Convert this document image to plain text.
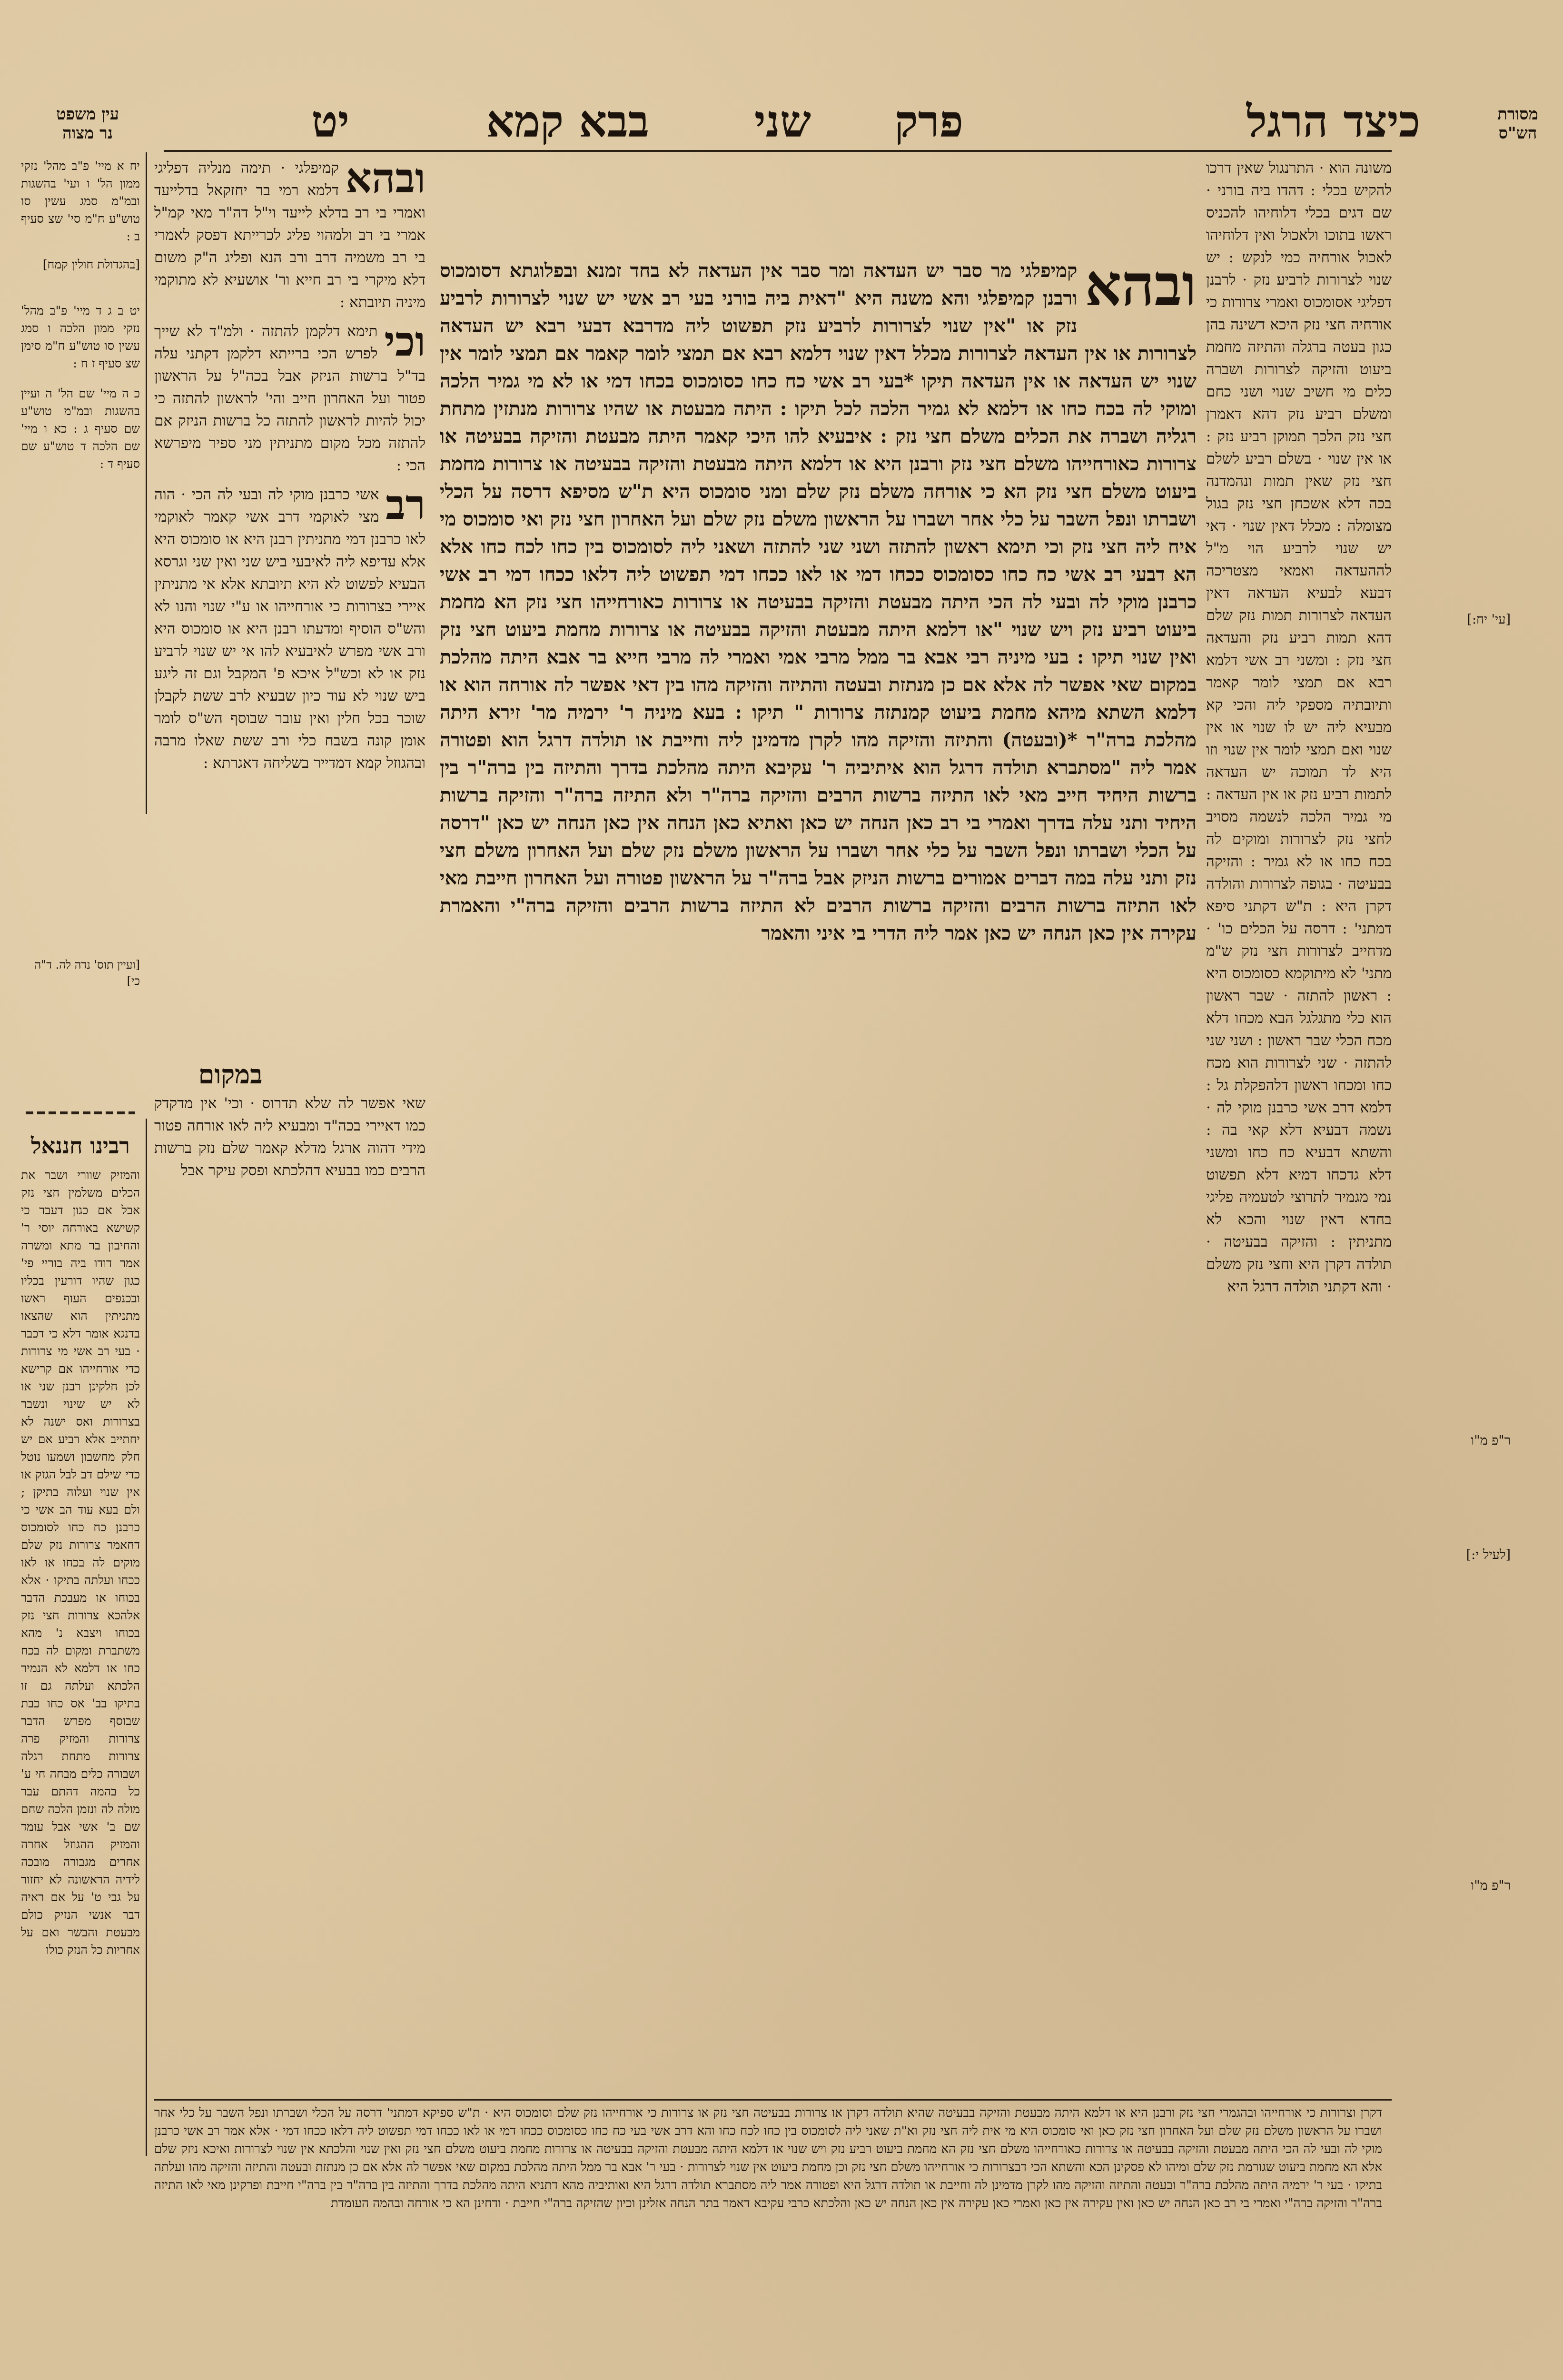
מסורת
הש"ס
כיצד הרגל
פרק
שני
בבא קמא
יט
עין משפט
נר מצוה
יח א מיי' פ"ב מהל' נזקי ממון הל' ו ועי' בהשגות ובמ"מ סמג עשין סו טוש"ע ח"מ סי' שצ סעיף ב :
[בהגדולת חולין קמח]
יט ב ג ד מיי' פ"ב מהל' נזקי ממון הלכה ו סמג עשין סו טוש"ע ח"מ סימן שצ סעיף ז ח :
כ ה מיי' שם הל' ה ועיין בהשגות ובמ"מ טוש"ע שם סעיף ג : כא ו מיי' שם הלכה ד טוש"ע שם סעיף ד :
ובהא
קמיפלגי · תימה מנליה דפליגי דלמא רמי בר יחזקאל בדלייעד ואמרי בי רב בדלא לייעד וי"ל דה"ר מאי קמ"ל אמרי בי רב ולמהוי פליג לכרייתא דפסק לאמרי בי רב משמיה דרב ורב הנא ופליג ה"ק משום דלא מיקרי בי רב חייא ור' אושעיא לא מתוקמי מיניה תיובתא :
וכי
תימא דלקמן להתזה · ולמ"ד לא שייך לפרש הכי ברייתא דלקמן דקתני עלה בד"ל ברשות הניזק אבל בכה"ל על הראשון פטור ועל האחרון חייב והי' לראשון להתזה כי יכול להיות לראשון להתזה כל ברשות הניזק אם להתזה מכל מקום מתניתין מני ספיר מיפרשא הכי :
רב
אשי כרבנן מוקי לה ובעי לה הכי · הוה מצי לאוקמי דרב אשי קאמר לאוקמי לאו כרבנן דמי מתניתין רבנן היא או סומכוס היא אלא עדיפא ליה לאיבעי ביש שני ואין שני וגרסא הבעיא לפשוט לא היא תיובתא אלא אי מתניתין איירי בצרורות כי אורחייהו או ע"י שנוי והנו לא והש"ס הוסיף ומדעתו רבנן היא או סומכוס היא ורב אשי מפרש לאיבעיא להו אי יש שנוי לרביע נזק או לא וכש"ל איכא פ' המקבל וגם זה ליגע ביש שנוי לא עוד כיון שבעיא לרב ששת לקבלן שוכר בכל חלין ואין עובר שבוסף הש"ס לומר אומן קונה בשבח כלי ורב ששת שאלו מרבה ובהגוזל קמא דמדייר בשליחה דאגרתא :
[ועיין תוס' נדה לה. ד"ה כי]
במקום
שאי אפשר לה שלא תדרוס · וכי' אין מדקדק כמו דאיירי בכה"ד ומבעיא ליה לאו אורחה פטור מידי דהוה ארגל מדלא קאמר שלם נזק ברשות הרבים כמו בבעיא דהלכתא ופסק עיקר אבל
רבינו חננאל
והמזיק שוורי ושבר את הכלים משלמין חצי נזק אבל אם כגון דעבד כי קשישא באורחה יוסי ר' והחיבון בר מתא ומשרה אמר דודו ביה בוריי פי' כגון שהיו דורעין בכליו ובכנפים העוף ראשו מתניתין הוא שהצאו בדנגא אומר דלא כי דכבר · בעי רב אשי מי צרורות כדי אורחייהו אם קרישא לכן חלקינן רבנן שני או לא יש שינוי ונשבר בצרורות ואס ישנה לא יחתייב אלא רביע אם יש חלק מחשבון ושמעו נוטל כדי שילם דב לבל הגזק או אין שנוי ועלוה בתיקן ; ולם בעא עוד הב אשי כי כרבנן כח כחו לסומכוס דחאמר צרורות נזק שלם מוקים לה בכחו או לאו ככחו ועלתה בתיקו · אלא בכוחו או מעבכת הדבר אלהכא צרורות חצי נזק בכוחו ויצבא נ' מהא משתברת ומקום לה בכח כחו או דלמא לא הנמיר הלכתא ועלתה גם זו בתיקו בב' אס כחו כבת שבוסף מפרש הדבר צרורות והמזיק פרה צרורות מתחת רגלה ושבורה כלים מבחה חי ע' כל בהמה דהתם עבר מולה לה ונזמן הלכה שחם שם ב' אשי אבל עומד והמזיק ההגוזל אחרה אחרים מגבורה מובכה לידיה הראשונה לא יחזור על גבי ט' על אם ראיה דבר אנשי הנזיק כולם מבעטת והבשר ואם על אחריות כל הנזק כולו
ובהא
קמיפלגי מר סבר יש העדאה ומר סבר אין העדאה לא בחד זמנא ובפלוגתא דסומכוס ורבנן קמיפלגי והא משנה היא "דאית ביה בורני בעי רב אשי יש שנוי לצרורות לרביע נזק או "אין שנוי לצרורות לרביע נזק תפשוט ליה מדרבא דבעי רבא יש העדאה לצרורות או אין העדאה לצרורות מכלל דאין שנוי דלמא רבא אם תמצי לומר קאמר אם תמצי לומר אין שנוי יש העדאה או אין העדאה תיקו *בעי רב אשי כח כחו כסומכוס בכחו דמי או לא מי גמיר הלכה ומוקי לה בכח כחו או דלמא לא גמיר הלכה לכל תיקו : היתה מבעטת או שהיו צרורות מנתזין מתחת רגליה ושברה את הכלים משלם חצי נזק : איבעיא להו היכי קאמר היתה מבעטת והזיקה בבעיטה או צרורות כאורחייהו משלם חצי נזק ורבנן היא או דלמא היתה מבעטת והזיקה בבעיטה או צרורות מחמת ביעוט משלם חצי נזק הא כי אורחה משלם נזק שלם ומני סומכוס היא ת"ש מסיפא דרסה על הכלי ושברתו ונפל השבר על כלי אחר ושברו על הראשון משלם נזק שלם ועל האחרון חצי נזק ואי סומכוס מי איח ליה חצי נזק וכי תימא ראשון להתזה ושני שני להתזה ושאני ליה לסומכוס בין כחו לכח כחו אלא הא דבעי רב אשי כח כחו כסומכוס ככחו דמי או לאו ככחו דמי תפשוט ליה דלאו ככחו דמי רב אשי כרבנן מוקי לה ובעי לה הכי היתה מבעטת והזיקה בבעיטה או צרורות כאורחייהו חצי נזק הא מחמת ביעוט רביע נזק ויש שנוי "או דלמא היתה מבעטת והזיקה בבעיטה או צרורות מחמת ביעוט חצי נזק ואין שנוי תיקו : בעי מיניה רבי אבא בר ממל מרבי אמי ואמרי לה מרבי חייא בר אבא היתה מהלכת במקום שאי אפשר לה אלא אם כן מנתזת ובעטה והתיזה והזיקה מהו בין דאי אפשר לה אורחה הוא או דלמא השתא מיהא מחמת ביעוט קמנתזה צרורות " תיקו : בעא מיניה ר' ירמיה מר' זירא היתה מהלכת ברה"ר *(ובעטה) והתיזה והזיקה מהו לקרן מדמינן ליה וחייבת או תולדה דרגל הוא ופטורה אמר ליה "מסתברא תולדה דרגל הוא איתיביה ר' עקיבא היתה מהלכת בדרך והתיזה בין ברה"ר בין ברשות היחיד חייב מאי לאו התיזה ברשות הרבים והזיקה ברה"ר ולא התיזה ברה"ר והזיקה ברשות היחיד ותני עלה בדרך ואמרי בי רב כאן הנחה יש כאן ואתיא כאן הנחה אין כאן הנחה יש כאן "דרסה על הכלי ושברתו ונפל השבר על כלי אחר ושברו על הראשון משלם נזק שלם ועל האחרון משלם חצי נזק ותני עלה במה דברים אמורים ברשות הניזק אבל ברה"ר על הראשון פטורה ועל האחרון חייבת מאי לאו התיזה ברשות הרבים והזיקה ברשות הרבים לא התיזה ברשות הרבים והזיקה ברה"י והאמרת עקירה אין כאן הנחה יש כאן אמר ליה הדרי בי איני והאמר
משונה הוא · התרנגול שאין דרכו להקיש בכלי : דהדו ביה בורני · שם דגים בכלי דלוחיהו להכניס ראשו בתוכו ולאכול ואין דלוחיהו לאכול אורחיה כמי לנקש : יש שנוי לצרורות לרביע נזק · לרבנן דפליגי אסומכוס ואמרי צרורות כי אורחיה חצי נזק היכא דשינה בהן כגון בעטה ברגלה והתיזה מחמת ביעוט והזיקה לצרורות ושברה כלים מי חשיב שנוי ושני כחם ומשלם רביע נזק דהא דאמרן חצי נזק הלכך תמוקן רביע נזק : או אין שנוי · בשלם רביע לשלם חצי נזק שאין תמות ונהמדנה בכה דלא אשכחן חצי נזק בגול מצומלה : מכלל דאין שנוי · דאי יש שנוי לרביע הוי מ"ל לההעדאה ואמאי מצטריכה דבעא לבעיא העדאה דאין העדאה לצרורות תמות נזק שלם דהא תמות רביע נזק והעדאה חצי נזק : ומשני רב אשי דלמא רבא אם תמצי לומר קאמר ותיובתיה מספקי ליה והכי קא מבעיא ליה יש לו שנוי או אין שנוי ואם תמצי לומר אין שנוי וזו היא לד תמוכה יש העדאה לתמות רביע נזק או אין העדאה : מי גמיר הלכה לנשמה מסויב לחצי נזק לצרורות ומוקים לה בכח כחו או לא גמיר : והזיקה בבעיטה · בגופה לצרורות והולדה דקרן היא : ת"ש דקתני סיפא דמתני' : דרסה על הכלים כו' · מדחייב לצרורות חצי נזק ש"מ מתני' לא מיתוקמא כסומכוס היא : ראשון להתזה · שבר ראשון הוא כלי מתגלגל הבא מכחו דלא מכח הכלי שבר ראשון : ושני שני להתזה · שני לצרורות הוא מכח כחו ומכחו ראשון דלהפקלת גל : דלמא דרב אשי כרבנן מוקי לה · נשמה דבעיא דלא קאי בה : והשתא דבעיא כח כחו ומשני דלא גדכחו דמיא דלא תפשוט נמי מגמיר לתרוצי לטעמיה פליגי בחדא דאין שנוי והכא לא מתניתין : והזיקה בבעיטה · תולדה דקרן היא וחצי נזק משלם · והא דקתני תולדה דרגל היא
[עי' יח:]
ר"פ מ"ו
[לעיל י:]
ר"פ מ"ו
דקרן וצרורות כי אורחייהו ובהגמרי חצי נזק ורבנן היא או דלמא היתה מבעטת והזיקה בבעיטה שהיא תולדה דקרן או צרורות בבעיטה חצי נזק או צרורות כי אורחייהו נזק שלם וסומכוס היא · ת"ש ספיקא דמתני' דרסה על הכלי ושברתו ונפל השבר על כלי אחר ושברו על הראשון משלם נזק שלם ועל האחרון חצי נזק כאן ואי סומכוס היא מי אית ליה חצי נזק וא"ת שאני ליה לסומכוס בין כחו לכח כחו והא דרב אשי בעי כח כחו כסומכוס ככחו דמי או לאו ככחו דמי תפשוט ליה דלאו ככחו דמי · אלא אמר רב אשי כרבנן מוקי לה ובעי לה הכי היתה מבעטת והזיקה בבעיטה או צרורות כאורחייהו משלם חצי נזק הא מחמת ביעוט רביע נזק ויש שנוי או דלמא היתה מבעטת והזיקה בבעיטה או צרורות מחמת ביעוט משלם חצי נזק ואין שנוי והלכתא אין שנוי לצרורות ואיכא ניזק שלם אלא הא מחמת ביעוט שגורמת נזק שלם ומיהו לא פסקינן הכא והשתא הכי דבצרורות כי אורחייהו משלם חצי נזק וכן מחמת ביעוט אין שנוי לצרורות · בעי ר' אבא בר ממל היתה מהלכת במקום שאי אפשר לה אלא אם כן מנתזת ובעטה והתיזה והזיקה מהו ועלתה בתיקו · בעי ר' ירמיה היתה מהלכת ברה"ר ובעטה והתיזה והזיקה מהו לקרן מדמינן לה וחייבת או תולדה דרגל היא ופטורה אמר ליה מסתברא תולדה דרגל היא ואותיביה מהא דתניא היתה מהלכת בדרך והתיזה בין ברה"ר בין ברה"י חייבת ופרקינן מאי לאו התיזה ברה"ר והזיקה ברה"י ואמרי בי רב כאן הנחה יש כאן ואין עקירה אין כאן ואמרי כאן עקירה אין כאן הנחה יש כאן והלכתא כרבי עקיבא דאמר בתר הנחה אזלינן וכיון שהזיקה ברה"י חייבת · ודחינן הא כי אורחה ובהמה העומדת
